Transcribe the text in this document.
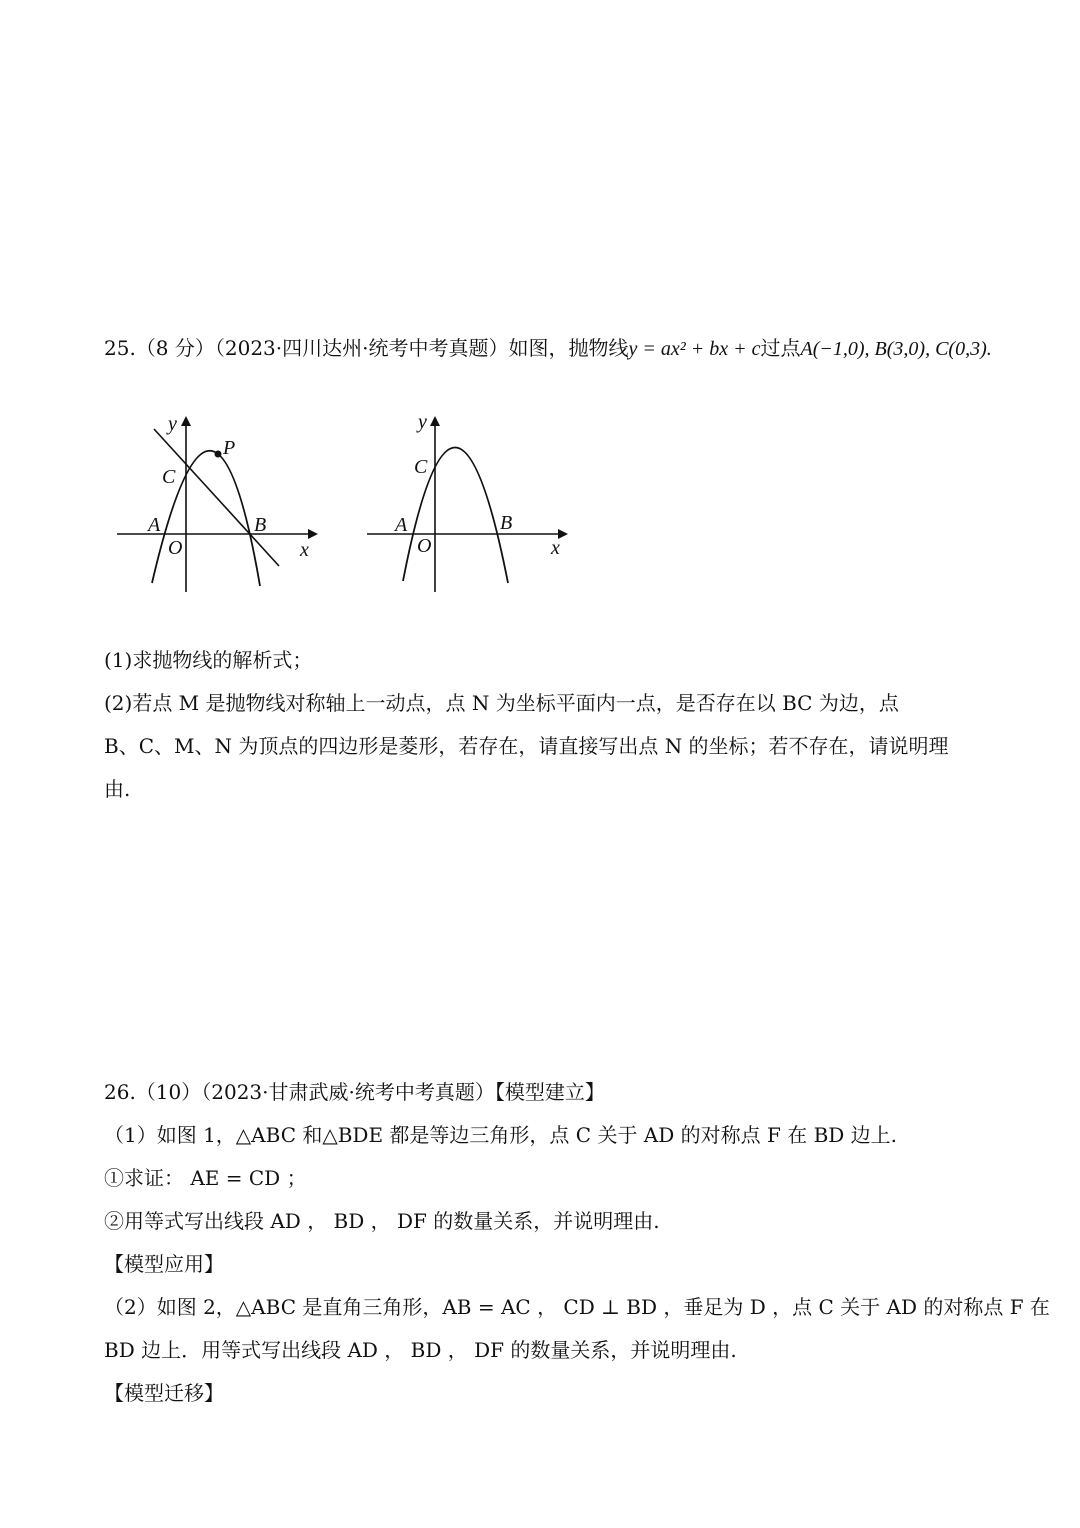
25.（8 分）（2023·四川达州·统考中考真题）如图，抛物线y = ax² + bx + c过点A(−1,0), B(3,0), C(0,3).
y
P
C
A	B
O	x
y
C
A	B
O	x
(1)求抛物线的解析式；
(2)若点 M 是抛物线对称轴上一动点，点 N 为坐标平面内一点，是否存在以 BC 为边，点
B、C、M、N 为顶点的四边形是菱形，若存在，请直接写出点 N 的坐标；若不存在，请说明理
由.
26.（10）（2023·甘肃武威·统考中考真题）【模型建立】
（1）如图 1，△ABC 和△BDE 都是等边三角形，点 C 关于 AD 的对称点 F 在 BD 边上.
①求证： AE = CD ；
②用等式写出线段 AD ， BD ， DF 的数量关系，并说明理由.
【模型应用】
（2）如图 2，△ABC 是直角三角形，AB = AC ， CD ⊥ BD ，垂足为 D ，点 C 关于 AD 的对称点 F 在
BD 边上．用等式写出线段 AD ， BD ， DF 的数量关系，并说明理由.
【模型迁移】
